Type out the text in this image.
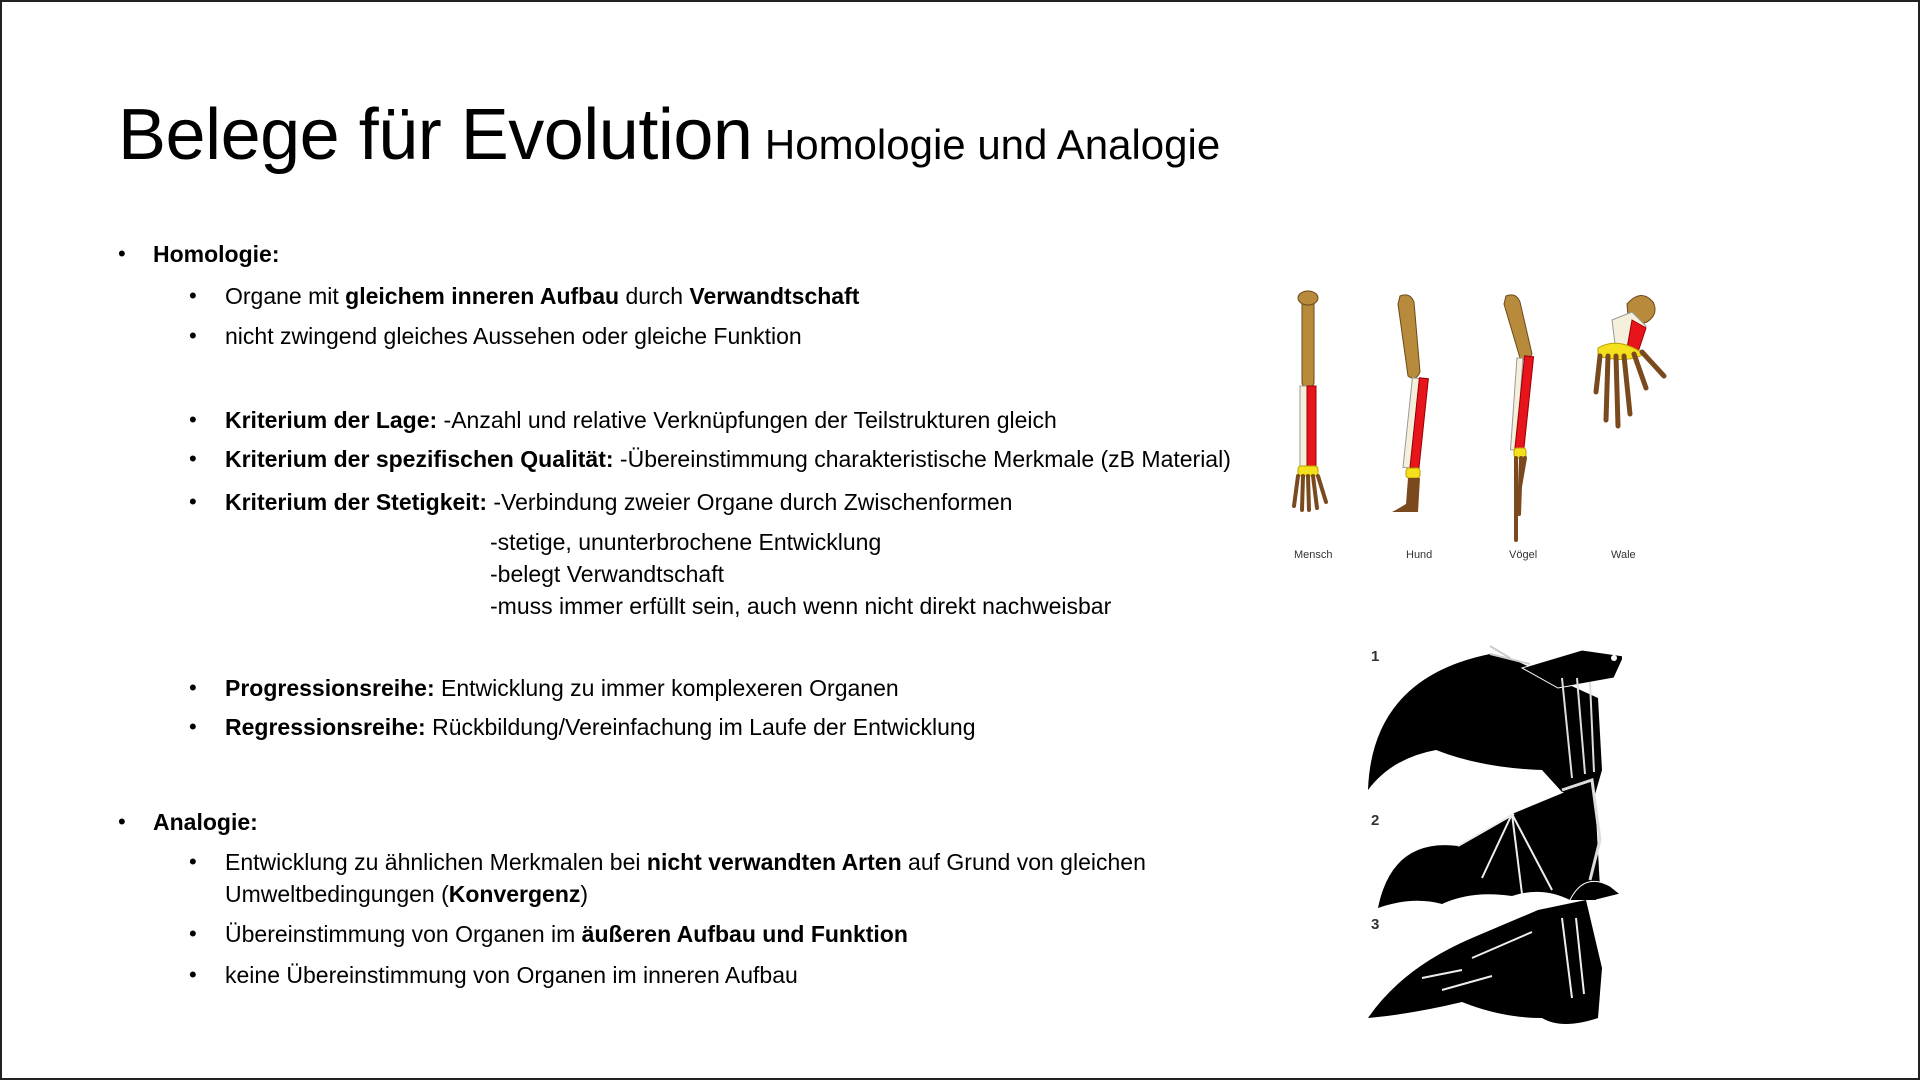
Belege für Evolution Homologie und Analogie
• Homologie:
• Organe mit gleichem inneren Aufbau durch Verwandtschaft
• nicht zwingend gleiches Aussehen oder gleiche Funktion
• Kriterium der Lage: -Anzahl und relative Verknüpfungen der Teilstrukturen gleich
• Kriterium der spezifischen Qualität: -Übereinstimmung charakteristische Merkmale (zB Material)
• Kriterium der Stetigkeit: -Verbindung zweier Organe durch Zwischenformen
-stetige, ununterbrochene Entwicklung
-belegt Verwandtschaft
-muss immer erfüllt sein, auch wenn nicht direkt nachweisbar
• Progressionsreihe: Entwicklung zu immer komplexeren Organen
• Regressionsreihe: Rückbildung/Vereinfachung im Laufe der Entwicklung
• Analogie:
• Entwicklung zu ähnlichen Merkmalen bei nicht verwandten Arten auf Grund von gleichen
Umweltbedingungen (Konvergenz)
• Übereinstimmung von Organen im äußeren Aufbau und Funktion
• keine Übereinstimmung von Organen im inneren Aufbau
Mensch	Hund	Vögel	Wale
1
2
3
